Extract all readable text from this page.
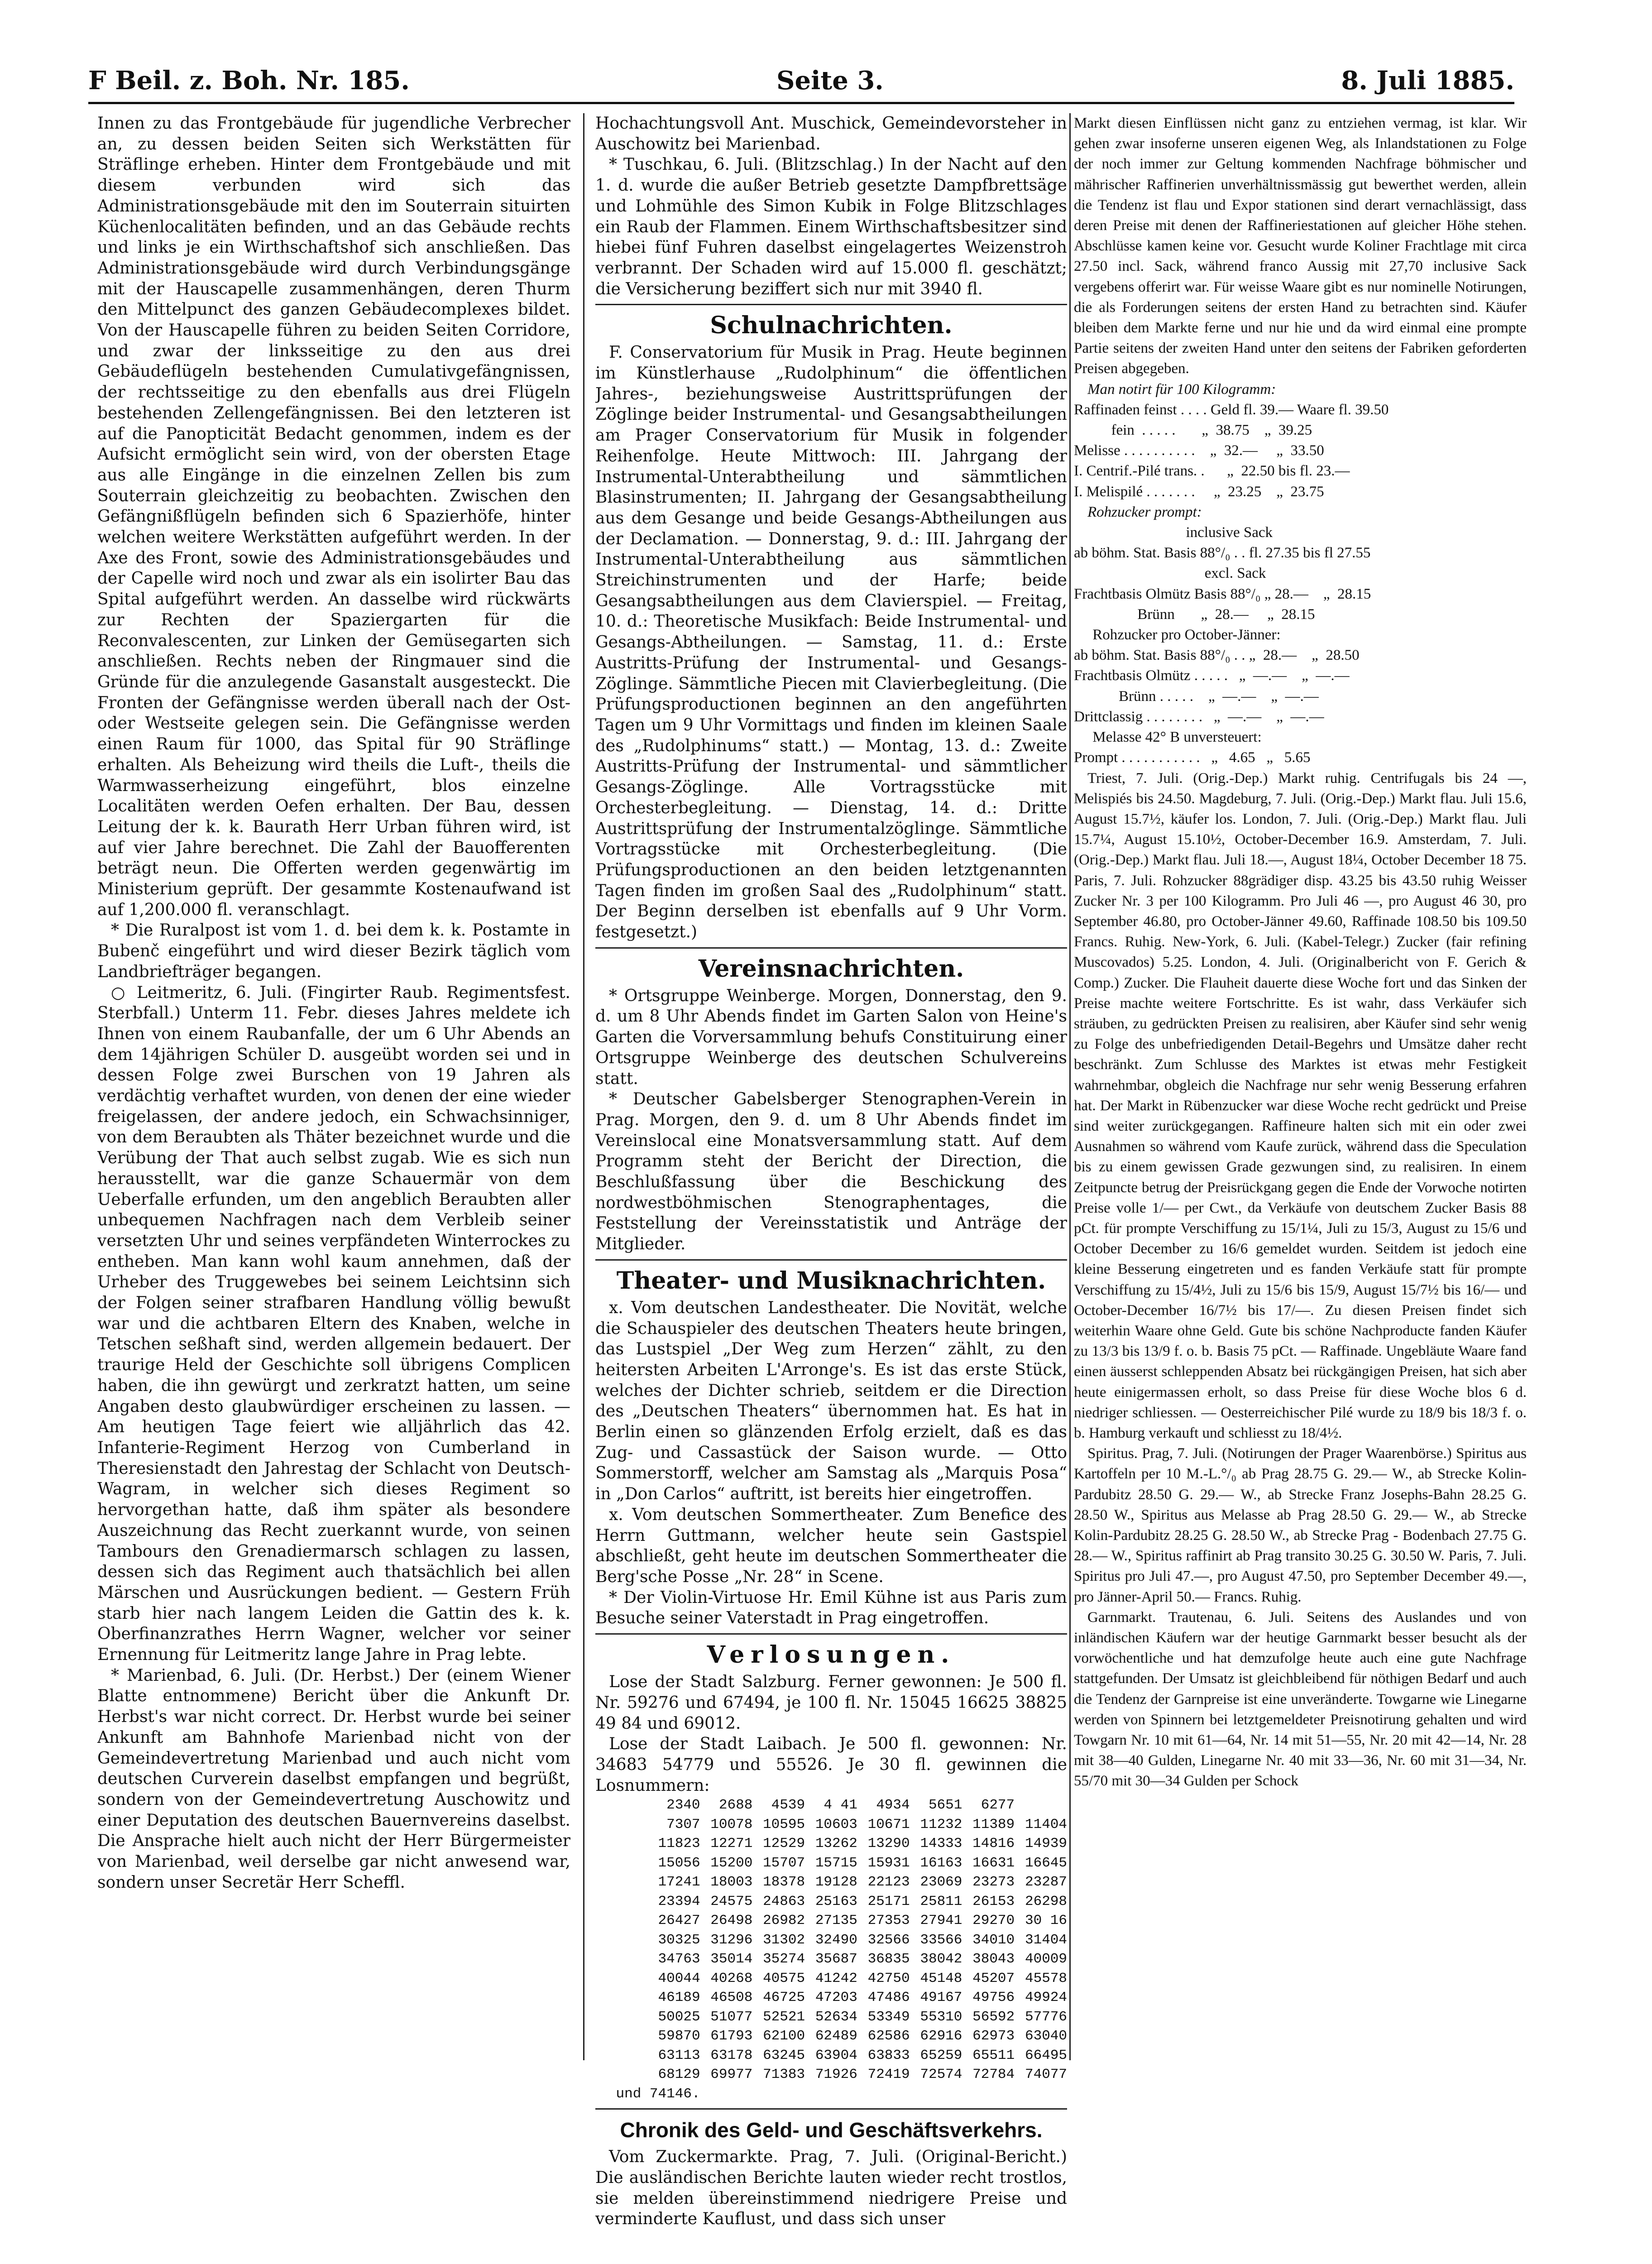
F Beil. z. Boh. Nr. 185.	Seite 3.	8. Juli 1885.

Innen zu das Frontgebäude für jugendliche Verbrecher an, zu dessen beiden Seiten sich Werkstätten für Sträflinge erheben. Hinter dem Frontgebäude und mit diesem verbunden wird sich das Administrationsgebäude mit den im Souterrain situirten Küchenlocalitäten befinden, und an das Gebäude rechts und links je ein Wirthschaftshof sich anschließen. Das Administrationsgebäude wird durch Verbindungsgänge mit der Hauscapelle zusammenhängen, deren Thurm den Mittelpunct des ganzen Gebäudecomplexes bildet. Von der Hauscapelle führen zu beiden Seiten Corridore, und zwar der linksseitige zu den aus drei Gebäudeflügeln bestehenden Cumulativgefängnissen, der rechtsseitige zu den ebenfalls aus drei Flügeln bestehenden Zellengefängnissen. Bei den letzteren ist auf die Panopticität Bedacht genommen, indem es der Aufsicht ermöglicht sein wird, von der obersten Etage aus alle Eingänge in die einzelnen Zellen bis zum Souterrain gleichzeitig zu beobachten. Zwischen den Gefängnißflügeln befinden sich 6 Spazierhöfe, hinter welchen weitere Werkstätten aufgeführt werden. In der Axe des Front, sowie des Administrationsgebäudes und der Capelle wird noch und zwar als ein isolirter Bau das Spital aufgeführt werden. An dasselbe wird rückwärts zur Rechten der Spaziergarten für die Reconvalescenten, zur Linken der Gemüsegarten sich anschließen. Rechts neben der Ringmauer sind die Gründe für die anzulegende Gasanstalt ausgesteckt. Die Fronten der Gefängnisse werden überall nach der Ost- oder Westseite gelegen sein. Die Gefängnisse werden einen Raum für 1000, das Spital für 90 Sträflinge erhalten. Als Beheizung wird theils die Luft-, theils die Warmwasserheizung eingeführt, blos einzelne Localitäten werden Oefen erhalten. Der Bau, dessen Leitung der k. k. Baurath Herr Urban führen wird, ist auf vier Jahre berechnet. Die Zahl der Bauofferenten beträgt neun. Die Offerten werden gegenwärtig im Ministerium geprüft. Der gesammte Kostenaufwand ist auf 1,200.000 fl. veranschlagt.

* Die Ruralpost ist vom 1. d. bei dem k. k. Postamte in Bubenč eingeführt und wird dieser Bezirk täglich vom Landbriefträger begangen.

○ Leitmeritz, 6. Juli. (Fingirter Raub. Regimentsfest. Sterbfall.) Unterm 11. Febr. dieses Jahres meldete ich Ihnen von einem Raubanfalle, der um 6 Uhr Abends an dem 14jährigen Schüler D. ausgeübt worden sei und in dessen Folge zwei Burschen von 19 Jahren als verdächtig verhaftet wurden, von denen der eine wieder freigelassen, der andere jedoch, ein Schwachsinniger, von dem Beraubten als Thäter bezeichnet wurde und die Verübung der That auch selbst zugab. Wie es sich nun herausstellt, war die ganze Schauermär von dem Ueberfalle erfunden, um den angeblich Beraubten aller unbequemen Nachfragen nach dem Verbleib seiner versetzten Uhr und seines verpfändeten Winterrockes zu entheben. Man kann wohl kaum annehmen, daß der Urheber des Truggewebes bei seinem Leichtsinn sich der Folgen seiner strafbaren Handlung völlig bewußt war und die achtbaren Eltern des Knaben, welche in Tetschen seßhaft sind, werden allgemein bedauert. Der traurige Held der Geschichte soll übrigens Complicen haben, die ihn gewürgt und zerkratzt hatten, um seine Angaben desto glaubwürdiger erscheinen zu lassen. — Am heutigen Tage feiert wie alljährlich das 42. Infanterie-Regiment Herzog von Cumberland in Theresienstadt den Jahrestag der Schlacht von Deutsch-Wagram, in welcher sich dieses Regiment so hervorgethan hatte, daß ihm später als besondere Auszeichnung das Recht zuerkannt wurde, von seinen Tambours den Grenadiermarsch schlagen zu lassen, dessen sich das Regiment auch thatsächlich bei allen Märschen und Ausrückungen bedient. — Gestern Früh starb hier nach langem Leiden die Gattin des k. k. Oberfinanzrathes Herrn Wagner, welcher vor seiner Ernennung für Leitmeritz lange Jahre in Prag lebte.

* Marienbad, 6. Juli. (Dr. Herbst.) Der (einem Wiener Blatte entnommene) Bericht über die Ankunft Dr. Herbst's war nicht correct. Dr. Herbst wurde bei seiner Ankunft am Bahnhofe Marienbad nicht von der Gemeindevertretung Marienbad und auch nicht vom deutschen Curverein daselbst empfangen und begrüßt, sondern von der Gemeindevertretung Auschowitz und einer Deputation des deutschen Bauernvereins daselbst. Die Ansprache hielt auch nicht der Herr Bürgermeister von Marienbad, weil derselbe gar nicht anwesend war, sondern unser Secretär Herr Scheffl.

Hochachtungsvoll Ant. Muschick, Gemeindevorsteher in Auschowitz bei Marienbad.

* Tuschkau, 6. Juli. (Blitzschlag.) In der Nacht auf den 1. d. wurde die außer Betrieb gesetzte Dampfbrettsäge und Lohmühle des Simon Kubik in Folge Blitzschlages ein Raub der Flammen. Einem Wirthschaftsbesitzer sind hiebei fünf Fuhren daselbst eingelagertes Weizenstroh verbrannt. Der Schaden wird auf 15.000 fl. geschätzt; die Versicherung beziffert sich nur mit 3940 fl.

Schulnachrichten.

F. Conservatorium für Musik in Prag. Heute beginnen im Künstlerhause „Rudolphinum“ die öffentlichen Jahres-, beziehungsweise Austrittsprüfungen der Zöglinge beider Instrumental- und Gesangsabtheilungen am Prager Conservatorium für Musik in folgender Reihenfolge. Heute Mittwoch: III. Jahrgang der Instrumental-Unterabtheilung und sämmtlichen Blasinstrumenten; II. Jahrgang der Gesangsabtheilung aus dem Gesange und beide Gesangs-Abtheilungen aus der Declamation. — Donnerstag, 9. d.: III. Jahrgang der Instrumental-Unterabtheilung aus sämmtlichen Streichinstrumenten und der Harfe; beide Gesangsabtheilungen aus dem Clavierspiel. — Freitag, 10. d.: Theoretische Musikfach: Beide Instrumental- und Gesangs-Abtheilungen. — Samstag, 11. d.: Erste Austritts-Prüfung der Instrumental- und Gesangs-Zöglinge. Sämmtliche Piecen mit Clavierbegleitung. (Die Prüfungsproductionen beginnen an den angeführten Tagen um 9 Uhr Vormittags und finden im kleinen Saale des „Rudolphinums“ statt.) — Montag, 13. d.: Zweite Austritts-Prüfung der Instrumental- und sämmtlicher Gesangs-Zöglinge. Alle Vortragsstücke mit Orchesterbegleitung. — Dienstag, 14. d.: Dritte Austrittsprüfung der Instrumentalzöglinge. Sämmtliche Vortragsstücke mit Orchesterbegleitung. (Die Prüfungsproductionen an den beiden letztgenannten Tagen finden im großen Saal des „Rudolphinum“ statt. Der Beginn derselben ist ebenfalls auf 9 Uhr Vorm. festgesetzt.)

Vereinsnachrichten.

* Ortsgruppe Weinberge. Morgen, Donnerstag, den 9. d. um 8 Uhr Abends findet im Garten Salon von Heine's Garten die Vorversammlung behufs Constituirung einer Ortsgruppe Weinberge des deutschen Schulvereins statt.

* Deutscher Gabelsberger Stenographen-Verein in Prag. Morgen, den 9. d. um 8 Uhr Abends findet im Vereinslocal eine Monatsversammlung statt. Auf dem Programm steht der Bericht der Direction, die Beschlußfassung über die Beschickung des nordwestböhmischen Stenographentages, die Feststellung der Vereinsstatistik und Anträge der Mitglieder.

Theater- und Musiknachrichten.

x. Vom deutschen Landestheater. Die Novität, welche die Schauspieler des deutschen Theaters heute bringen, das Lustspiel „Der Weg zum Herzen“ zählt, zu den heitersten Arbeiten L'Arronge's. Es ist das erste Stück, welches der Dichter schrieb, seitdem er die Direction des „Deutschen Theaters“ übernommen hat. Es hat in Berlin einen so glänzenden Erfolg erzielt, daß es das Zug- und Cassastück der Saison wurde. — Otto Sommerstorff, welcher am Samstag als „Marquis Posa“ in „Don Carlos“ auftritt, ist bereits hier eingetroffen.

x. Vom deutschen Sommertheater. Zum Benefice des Herrn Guttmann, welcher heute sein Gastspiel abschließt, geht heute im deutschen Sommertheater die Berg'sche Posse „Nr. 28“ in Scene.

* Der Violin-Virtuose Hr. Emil Kühne ist aus Paris zum Besuche seiner Vaterstadt in Prag eingetroffen.

Verlosungen.

Lose der Stadt Salzburg. Ferner gewonnen: Je 500 fl. Nr. 59276 und 67494, je 100 fl. Nr. 15045 16625 38825 49 84 und 69012.

Lose der Stadt Laibach. Je 500 fl. gewonnen: Nr. 34683 54779 und 55526. Je 30 fl. gewinnen die Losnummern:

2340	2688	4539	4 41	4934	5651	6277	
7307	10078	10595	10603	10671	11232	11389	11404
11823	12271	12529	13262	13290	14333	14816	14939
15056	15200	15707	15715	15931	16163	16631	16645
17241	18003	18378	19128	22123	23069	23273	23287
23394	24575	24863	25163	25171	25811	26153	26298
26427	26498	26982	27135	27353	27941	29270	30 16
30325	31296	31302	32490	32566	33566	34010	31404
34763	35014	35274	35687	36835	38042	38043	40009
40044	40268	40575	41242	42750	45148	45207	45578
46189	46508	46725	47203	47486	49167	49756	49924
50025	51077	52521	52634	53349	55310	56592	57776
59870	61793	62100	62489	62586	62916	62973	63040
63113	63178	63245	63904	63833	65259	65511	66495
68129	69977	71383	71926	72419	72574	72784	74077
und 74146.							
Chronik des Geld- und Geschäftsverkehrs.

Vom Zuckermarkte. Prag, 7. Juli. (Original-Bericht.) Die ausländischen Berichte lauten wieder recht trostlos, sie melden übereinstimmend niedrigere Preise und verminderte Kauflust, und dass sich unser

Markt diesen Einflüssen nicht ganz zu entziehen vermag, ist klar. Wir gehen zwar insoferne unseren eigenen Weg, als Inlandstationen zu Folge der noch immer zur Geltung kommenden Nachfrage böhmischer und mährischer Raffinerien unverhältnissmässig gut bewerthet werden, allein die Tendenz ist flau und Expor stationen sind derart vernachlässigt, dass deren Preise mit denen der Raffineriestationen auf gleicher Höhe stehen. Abschlüsse kamen keine vor. Gesucht wurde Koliner Frachtlage mit circa 27.50 incl. Sack, während franco Aussig mit 27,70 inclusive Sack vergebens offerirt war. Für weisse Waare gibt es nur nominelle Notirungen, die als Forderungen seitens der ersten Hand zu betrachten sind. Käufer bleiben dem Markte ferne und nur hie und da wird einmal eine prompte Partie seitens der zweiten Hand unter den seitens der Fabriken geforderten Preisen abgegeben.

Man notirt für 100 Kilogramm:

Raffinaden feinst . . . . Geld fl. 39.— Waare fl. 39.50
fein  . . . . .       „  38.75    „  39.25
Melisse . . . . . . . . . .    „  32.—     „  33.50
I. Centrif.-Pilé trans. .      „  22.50 bis fl. 23.—
I. Melispilé . . . . . . .     „  23.25    „  23.75

Rohzucker prompt:

inclusive Sack
ab böhm. Stat. Basis 88°/₀ . . fl. 27.35 bis fl 27.55
excl. Sack
Frachtbasis Olmütz Basis 88°/₀ „ 28.—    „  28.15
Brünn       „  28.—     „  28.15
Rohzucker pro October-Jänner:
ab böhm. Stat. Basis 88°/₀ . . „  28.—    „  28.50
Frachtbasis Olmütz . . . . .   „  —.—    „  —.—
Brünn . . . . .    „  —.—    „  —.—
Drittclassig . . . . . . . .   „  —.—    „  —.—
Melasse 42° B unversteuert:
Prompt . . . . . . . . . . .   „   4.65   „   5.65

Triest, 7. Juli. (Orig.-Dep.) Markt ruhig. Centrifugals bis 24 —, Melispiés bis 24.50. Magdeburg, 7. Juli. (Orig.-Dep.) Markt flau. Juli 15.6, August 15.7½, käufer los. London, 7. Juli. (Orig.-Dep.) Markt flau. Juli 15.7¼, August 15.10½, October-December 16.9. Amsterdam, 7. Juli. (Orig.-Dep.) Markt flau. Juli 18.—, August 18¼, October December 18 75. Paris, 7. Juli. Rohzucker 88grädiger disp. 43.25 bis 43.50 ruhig Weisser Zucker Nr. 3 per 100 Kilogramm. Pro Juli 46 —, pro August 46 30, pro September 46.80, pro October-Jänner 49.60, Raffinade 108.50 bis 109.50 Francs. Ruhig. New-York, 6. Juli. (Kabel-Telegr.) Zucker (fair refining Muscovados) 5.25. London, 4. Juli. (Originalbericht von F. Gerich & Comp.) Zucker. Die Flauheit dauerte diese Woche fort und das Sinken der Preise machte weitere Fortschritte. Es ist wahr, dass Verkäufer sich sträuben, zu gedrückten Preisen zu realisiren, aber Käufer sind sehr wenig zu Folge des unbefriedigenden Detail-Begehrs und Umsätze daher recht beschränkt. Zum Schlusse des Marktes ist etwas mehr Festigkeit wahrnehmbar, obgleich die Nachfrage nur sehr wenig Besserung erfahren hat. Der Markt in Rübenzucker war diese Woche recht gedrückt und Preise sind weiter zurückgegangen. Raffineure halten sich mit ein oder zwei Ausnahmen so während vom Kaufe zurück, während dass die Speculation bis zu einem gewissen Grade gezwungen sind, zu realisiren. In einem Zeitpuncte betrug der Preisrückgang gegen die Ende der Vorwoche notirten Preise volle 1/— per Cwt., da Verkäufe von deutschem Zucker Basis 88 pCt. für prompte Verschiffung zu 15/1¼, Juli zu 15/3, August zu 15/6 und October December zu 16/6 gemeldet wurden. Seitdem ist jedoch eine kleine Besserung eingetreten und es fanden Verkäufe statt für prompte Verschiffung zu 15/4½, Juli zu 15/6 bis 15/9, August 15/7½ bis 16/— und October-December 16/7½ bis 17/—. Zu diesen Preisen findet sich weiterhin Waare ohne Geld. Gute bis schöne Nachproducte fanden Käufer zu 13/3 bis 13/9 f. o. b. Basis 75 pCt. — Raffinade. Ungebläute Waare fand einen äusserst schleppenden Absatz bei rückgängigen Preisen, hat sich aber heute einigermassen erholt, so dass Preise für diese Woche blos 6 d. niedriger schliessen. — Oesterreichischer Pilé wurde zu 18/9 bis 18/3 f. o. b. Hamburg verkauft und schliesst zu 18/4½.

Spiritus. Prag, 7. Juli. (Notirungen der Prager Waarenbörse.) Spiritus aus Kartoffeln per 10 M.-L.°/₀ ab Prag 28.75 G. 29.— W., ab Strecke Kolin-Pardubitz 28.50 G. 29.— W., ab Strecke Franz Josephs-Bahn 28.25 G. 28.50 W., Spiritus aus Melasse ab Prag 28.50 G. 29.— W., ab Strecke Kolin-Pardubitz 28.25 G. 28.50 W., ab Strecke Prag - Bodenbach 27.75 G. 28.— W., Spiritus raffinirt ab Prag transito 30.25 G. 30.50 W. Paris, 7. Juli. Spiritus pro Juli 47.—, pro August 47.50, pro September December 49.—, pro Jänner-April 50.— Francs. Ruhig.

Garnmarkt. Trautenau, 6. Juli. Seitens des Auslandes und von inländischen Käufern war der heutige Garnmarkt besser besucht als der vorwöchentliche und hat demzufolge heute auch eine gute Nachfrage stattgefunden. Der Umsatz ist gleichbleibend für nöthigen Bedarf und auch die Tendenz der Garnpreise ist eine unveränderte. Towgarne wie Linegarne werden von Spinnern bei letztgemeldeter Preisnotirung gehalten und wird Towgarn Nr. 10 mit 61—64, Nr. 14 mit 51—55, Nr. 20 mit 42—14, Nr. 28 mit 38—40 Gulden, Linegarne Nr. 40 mit 33—36, Nr. 60 mit 31—34, Nr. 55/70 mit 30—34 Gulden per Schock
